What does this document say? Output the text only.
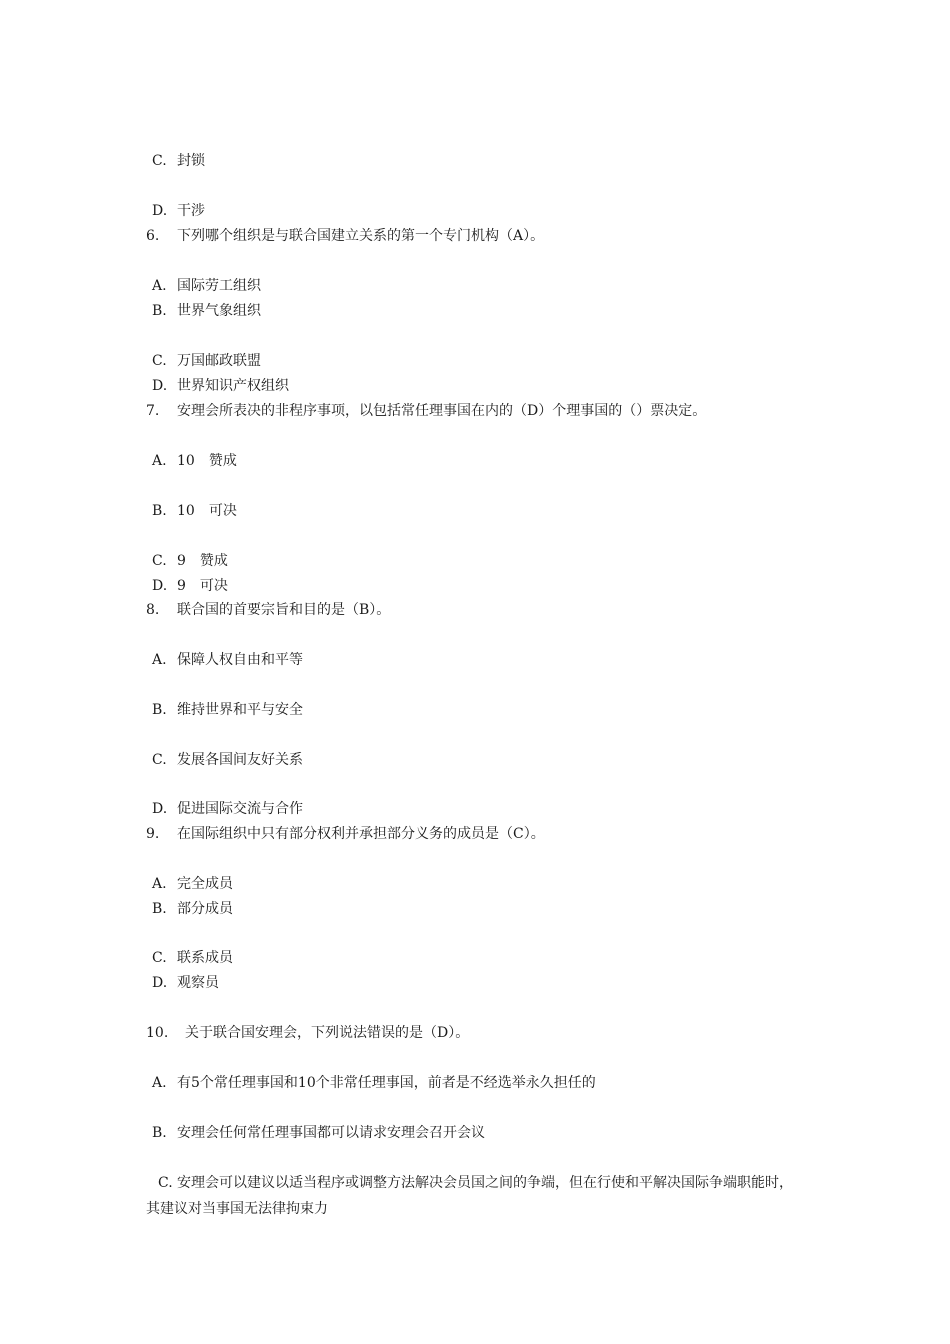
C. 封锁
D. 干涉
6. 下列哪个组织是与联合国建立关系的第一个专门机构（A）。
A. 国际劳工组织
B. 世界气象组织
C. 万国邮政联盟
D. 世界知识产权组织
7. 安理会所表决的非程序事项，以包括常任理事国在内的（D）个理事国的（）票决定。
A. 10　赞成
B. 10　可决
C. 9　赞成
D. 9　可决
8. 联合国的首要宗旨和目的是（B）。
A. 保障人权自由和平等
B. 维持世界和平与安全
C. 发展各国间友好关系
D. 促进国际交流与合作
9. 在国际组织中只有部分权利并承担部分义务的成员是（C）。
A. 完全成员
B. 部分成员
C. 联系成员
D. 观察员
10. 关于联合国安理会，下列说法错误的是（D）。
A. 有5个常任理事国和10个非常任理事国，前者是不经选举永久担任的
B. 安理会任何常任理事国都可以请求安理会召开会议
C. 安理会可以建议以适当程序或调整方法解决会员国之间的争端，但在行使和平解决国际争端职能时，其建议对当事国无法律拘束力
